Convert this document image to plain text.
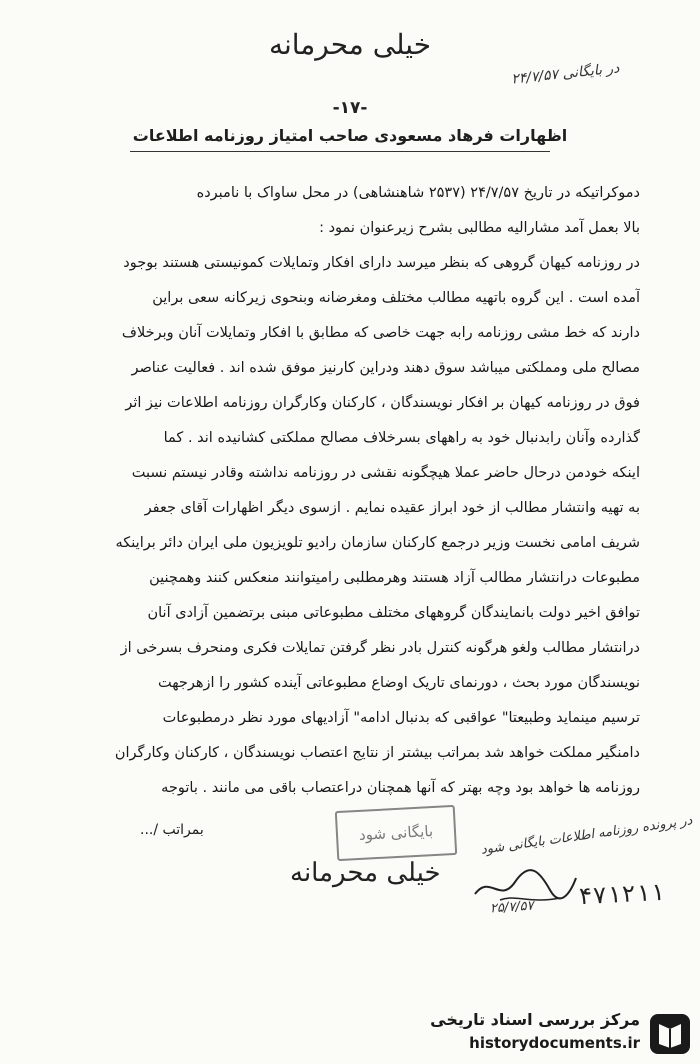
خیلی محرمانه
در بایگانی ۲۴/۷/۵۷
-۱۷-
اظهارات فرهاد مسعودی صاحب امتیاز روزنامه اطلاعات
دموکراتیکه در تاریخ ۲۴/۷/۵۷ (۲۵۳۷ شاهنشاهی) در محل ساواک با نامبرده
بالا بعمل آمد مشارالیه مطالبی بشرح زیرعنوان نمود :
در روزنامه کیهان گروهی که بنظر میرسد دارای افکار وتمایلات کمونیستی هستند بوجود
آمده است . این گروه باتهیه مطالب مختلف ومغرضانه وبنحوی زیرکانه سعی براین
دارند که خط مشی روزنامه رابه جهت خاصی که مطابق با افکار وتمایلات آنان وبرخلاف
مصالح ملی ومملکتی میباشد سوق دهند ودراین کارنیز موفق شده اند . فعالیت عناصر
فوق در روزنامه کیهان بر افکار نویسندگان ، کارکنان وکارگران روزنامه اطلاعات نیز اثر
گذارده وآنان رابدنبال خود به راههای بسرخلاف مصالح مملکتی کشانیده اند . کما
اینکه خودمن درحال حاضر عملا هیچگونه نقشی در روزنامه نداشته وقادر نیستم نسبت
به تهیه وانتشار مطالب از خود ابراز عقیده نمایم . ازسوی دیگر اظهارات آقای جعفر
شریف امامی نخست وزیر درجمع کارکنان سازمان رادیو تلویزیون ملی ایران دائر براینکه
مطبوعات درانتشار مطالب آزاد هستند وهرمطلبی رامیتوانند منعکس کنند وهمچنین
توافق اخیر دولت بانمایندگان گروههای مختلف مطبوعاتی مبنی برتضمین آزادی آنان
درانتشار مطالب ولغو هرگونه کنترل بادر نظر گرفتن تمایلات فکری ومنحرف بسرخی از
نویسندگان مورد بحث ، دورنمای تاریک اوضاع مطبوعاتی آینده کشور را ازهرجهت
ترسیم مینماید وطبیعتا" عواقبی که بدنبال ادامه" آزادیهای مورد نظر درمطبوعات
دامنگیر مملکت خواهد شد بمراتب بیشتر از نتایج اعتصاب نویسندگان ، کارکنان وکارگران
روزنامه ها خواهد بود وچه بهتر که آنها همچنان دراعتصاب باقی می مانند . باتوجه
بمراتب /...	بایگانی شود	در پرونده روزنامه اطلاعات بایگانی شود
خیلی محرمانه
۲۵/۷/۵۷ ۴۷۱۲۱۱
مرکز بررسی اسناد تاریخی
historydocuments.ir
